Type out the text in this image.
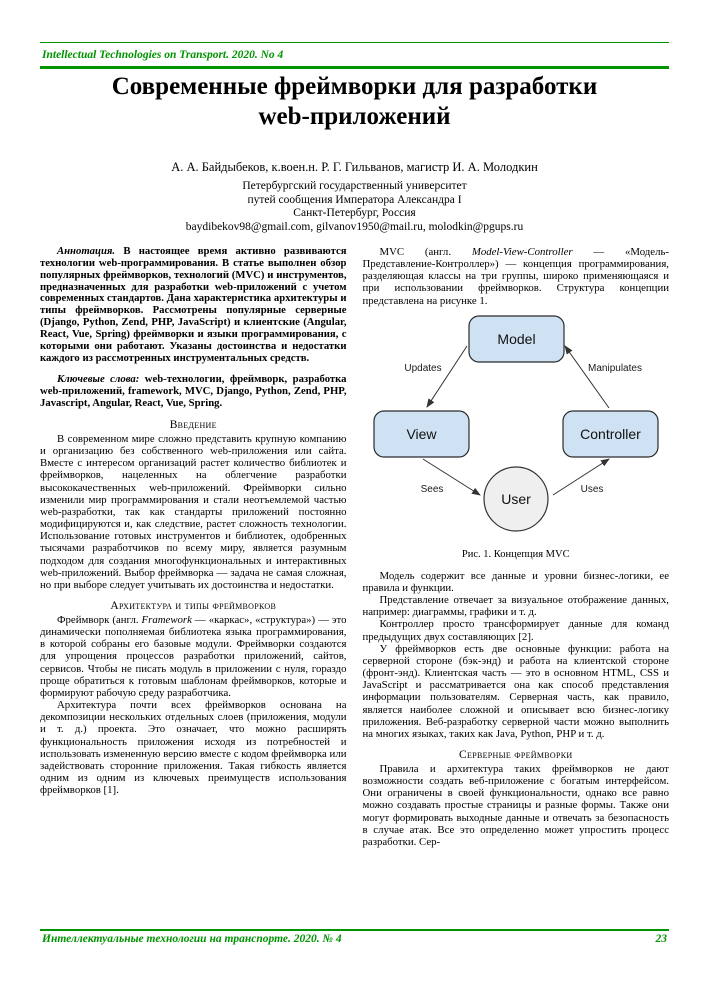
Intellectual Technologies on Transport. 2020. No 4
Современные фреймворки для разработки
web-приложений
А. А. Байдыбеков, к.воен.н. Р. Г. Гильванов, магистр И. А. Молодкин
Петербургский государственный университет
путей сообщения Императора Александра I
Санкт-Петербург, Россия
baydibekov98@gmail.com, gilvanov1950@mail.ru, molodkin@pgups.ru

Аннотация. В настоящее время активно развиваются технологии web-программирования. В статье выполнен обзор популярных фреймворков, технологий (MVC) и инструментов, предназначенных для разработки web-приложений с учетом современных стандартов. Дана характеристика архитектуры и типы фреймворков. Рассмотрены популярные серверные (Django, Python, Zend, PHP, JavaScript) и клиентские (Angular, React, Vue, Spring) фреймворки и языки программирования, с которыми они работают. Указаны достоинства и недостатки каждого из рассмотренных инструментальных средств.

Ключевые слова: web-технологии, фреймворк, разработка web-приложений, framework, MVC, Django, Python, Zend, PHP, Javascript, Angular, React, Vue, Spring.

Введение

В современном мире сложно представить крупную компанию и организацию без собственного web-приложения или сайта. Вместе с интересом организаций растет количество библиотек и фреймворков, нацеленных на облегчение разработки высококачественных web-приложений. Фреймворки сильно изменили мир программирования и стали неотъемлемой частью web-разработки, так как стандарты приложений постоянно модифицируются и, как следствие, растет сложность технологии. Использование готовых инструментов и библиотек, одобренных тысячами разработчиков по всему миру, является разумным подходом для создания многофункциональных и интерактивных web-приложений. Выбор фреймворка — задача не самая сложная, но при выборе следует учитывать их достоинства и недостатки.

Архитектура и типы фреймворков

Фреймворк (англ. Framework — «каркас», «структура») — это динамически пополняемая библиотека языка программирования, в которой собраны его базовые модули. Фреймворки создаются для упрощения процессов разработки приложений, сайтов, сервисов. Чтобы не писать модуль в приложении с нуля, гораздо проще обратиться к готовым шаблонам фреймворков, которые и формируют рабочую среду разработчика.

Архитектура почти всех фреймворков основана на декомпозиции нескольких отдельных слоев (приложения, модули и т. д.) проекта. Это означает, что можно расширять функциональность приложения исходя из потребностей и использовать измененную версию вместе с кодом фреймворка или задействовать сторонние приложения. Такая гибкость является одним из одним из ключевых преимуществ использования фреймворков [1].

MVC (англ. Model-View-Controller — «Модель-Представление-Контроллер») — концепция программирования, разделяющая классы на три группы, широко применяющаяся и при использовании фреймворков. Структура концепции представлена на рисунке 1.

Model
View	Controller
User
Updates	Manipulates
Sees	Uses
Рис. 1. Концепция MVC

Модель содержит все данные и уровни бизнес-логики, ее правила и функции.

Представление отвечает за визуальное отображение данных, например: диаграммы, графики и т. д.

Контроллер просто трансформирует данные для команд предыдущих двух составляющих [2].

У фреймворков есть две основные функции: работа на серверной стороне (бэк-энд) и работа на клиентской стороне (фронт-энд). Клиентская часть — это в основном HTML, CSS и JavaScript и рассматривается она как способ представления информации пользователям. Серверная часть, как правило, является наиболее сложной и описывает всю бизнес-логику приложения. Веб-разработку серверной части можно выполнить на многих языках, таких как Java, Python, PHP и т. д.

Серверные фреймворки

Правила и архитектура таких фреймворков не дают возможности создать веб-приложение с богатым интерфейсом. Они ограничены в своей функциональности, однако все равно можно создавать простые страницы и разные формы. Также они могут формировать выходные данные и отвечать за безопасность в случае атак. Все это определенно может упростить процесс разработки. Сер-

Интеллектуальные технологии на транспорте. 2020. № 4	23
